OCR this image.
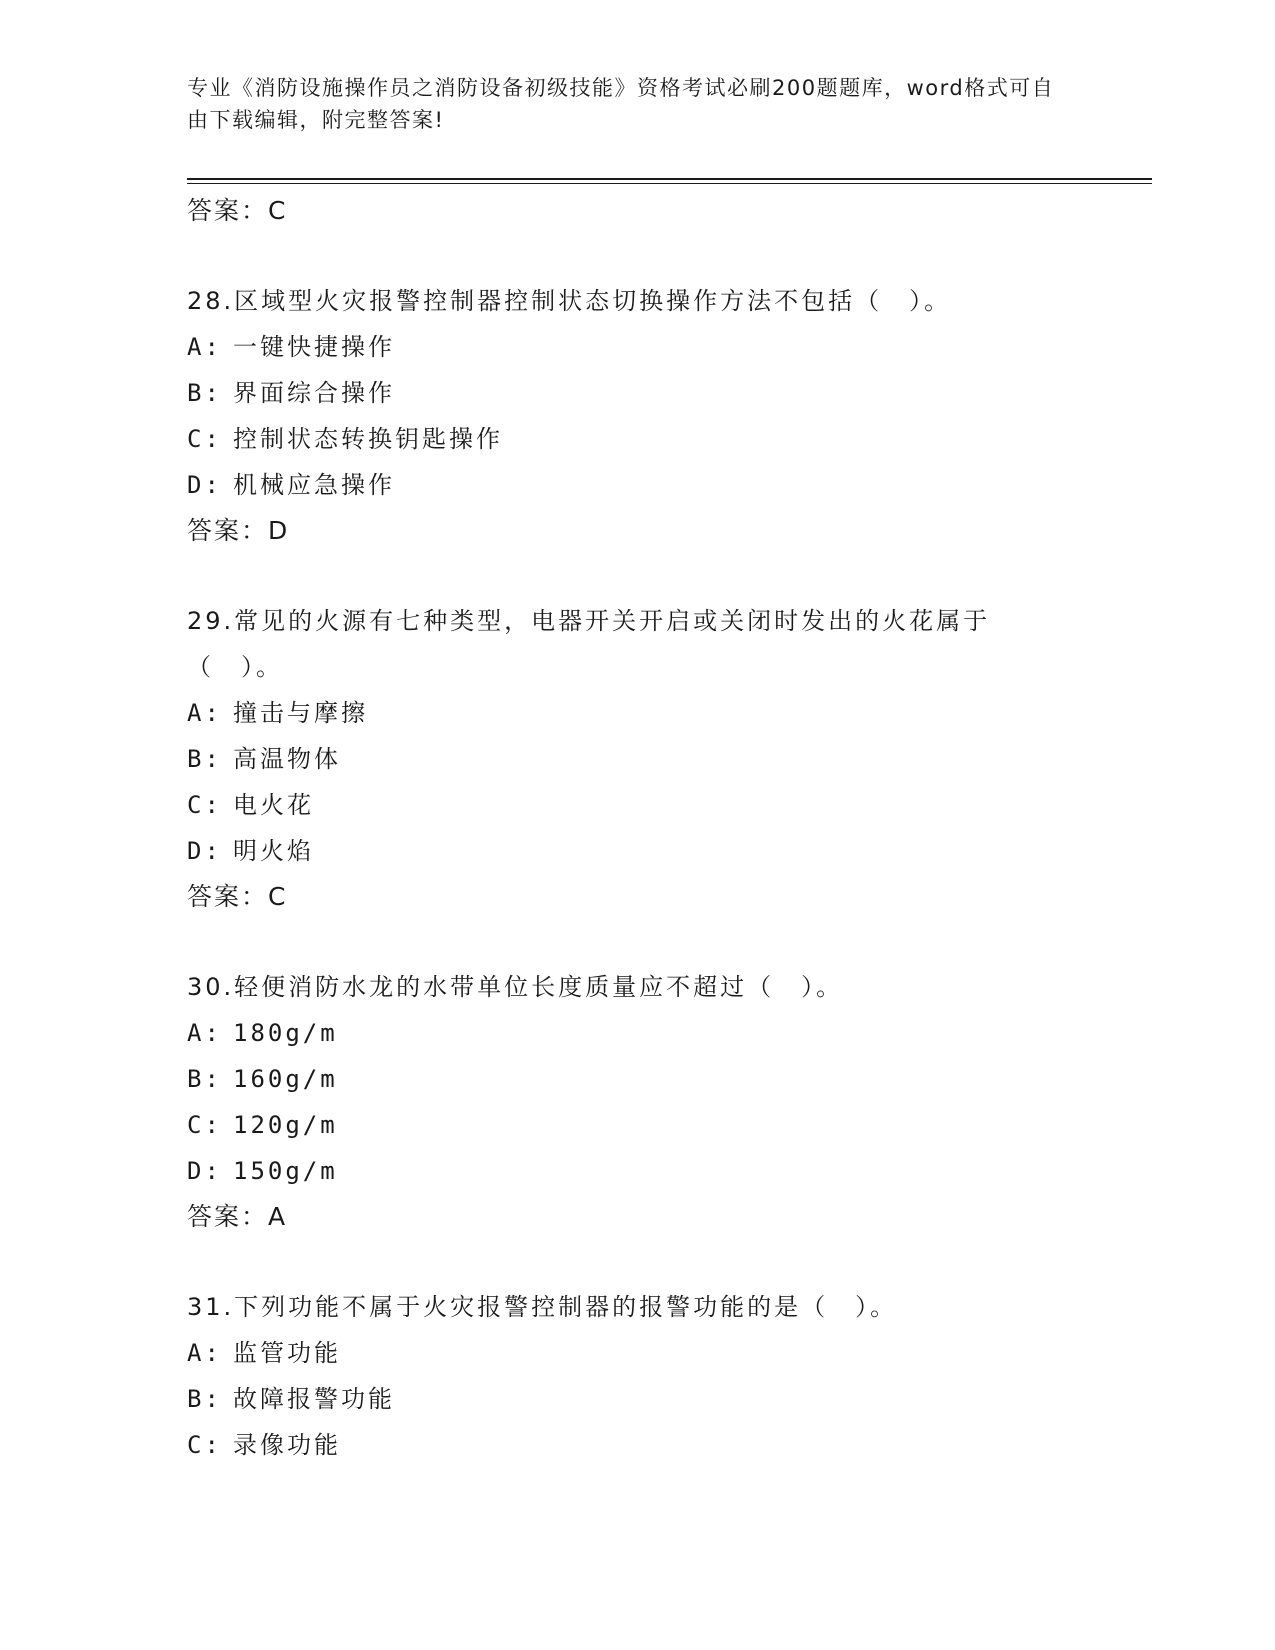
专业《消防设施操作员之消防设备初级技能》资格考试必刷200题题库，word格式可自由下载编辑，附完整答案!
答案：C
28.区域型火灾报警控制器控制状态切换操作方法不包括（　）。
A: 一键快捷操作
B: 界面综合操作
C: 控制状态转换钥匙操作
D: 机械应急操作
答案：D
29.常见的火源有七种类型，电器开关开启或关闭时发出的火花属于（　）。
A: 撞击与摩擦
B: 高温物体
C: 电火花
D: 明火焰
答案：C
30.轻便消防水龙的水带单位长度质量应不超过（　）。
A: 180g/m
B: 160g/m
C: 120g/m
D: 150g/m
答案：A
31.下列功能不属于火灾报警控制器的报警功能的是（　）。
A: 监管功能
B: 故障报警功能
C: 录像功能
